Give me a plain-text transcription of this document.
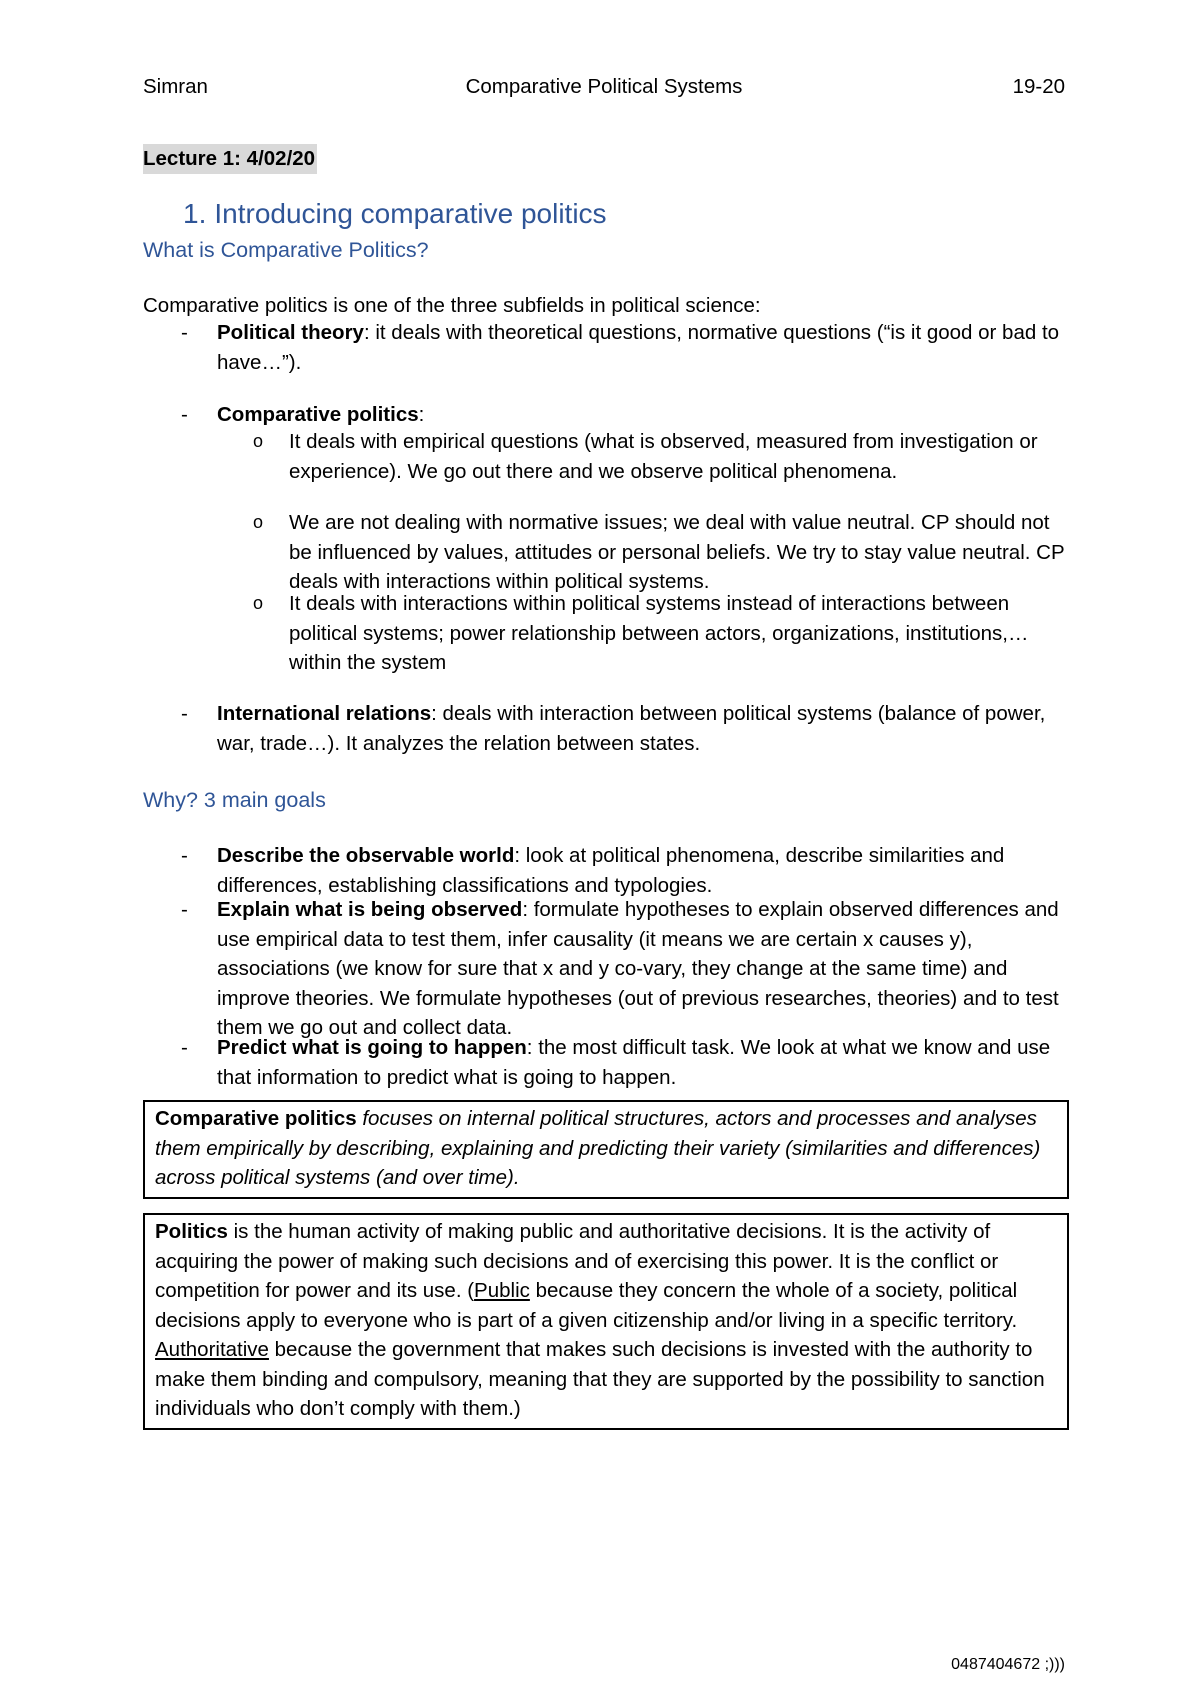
Simran	Comparative Political Systems	19-20
Lecture 1: 4/02/20
1. Introducing comparative politics
What is Comparative Politics?
Comparative politics is one of the three subfields in political science:
- Political theory: it deals with theoretical questions, normative questions (“is it good or bad to have…”).
- Comparative politics:
o It deals with empirical questions (what is observed, measured from investigation or experience). We go out there and we observe political phenomena.
o We are not dealing with normative issues; we deal with value neutral. CP should not be influenced by values, attitudes or personal beliefs. We try to stay value neutral. CP deals with interactions within political systems.
o It deals with interactions within political systems instead of interactions between political systems; power relationship between actors, organizations, institutions,… within the system
- International relations: deals with interaction between political systems (balance of power, war, trade…). It analyzes the relation between states.
Why? 3 main goals
- Describe the observable world: look at political phenomena, describe similarities and differences, establishing classifications and typologies.
- Explain what is being observed: formulate hypotheses to explain observed differences and use empirical data to test them, infer causality (it means we are certain x causes y), associations (we know for sure that x and y co-vary, they change at the same time) and improve theories. We formulate hypotheses (out of previous researches, theories) and to test them we go out and collect data.
- Predict what is going to happen: the most difficult task. We look at what we know and use that information to predict what is going to happen.
Comparative politics focuses on internal political structures, actors and processes and analyses them empirically by describing, explaining and predicting their variety (similarities and differences) across political systems (and over time).
Politics is the human activity of making public and authoritative decisions. It is the activity of acquiring the power of making such decisions and of exercising this power. It is the conflict or competition for power and its use. (Public because they concern the whole of a society, political decisions apply to everyone who is part of a given citizenship and/or living in a specific territory. Authoritative because the government that makes such decisions is invested with the authority to make them binding and compulsory, meaning that they are supported by the possibility to sanction individuals who don’t comply with them.)
0487404672 ;)))
